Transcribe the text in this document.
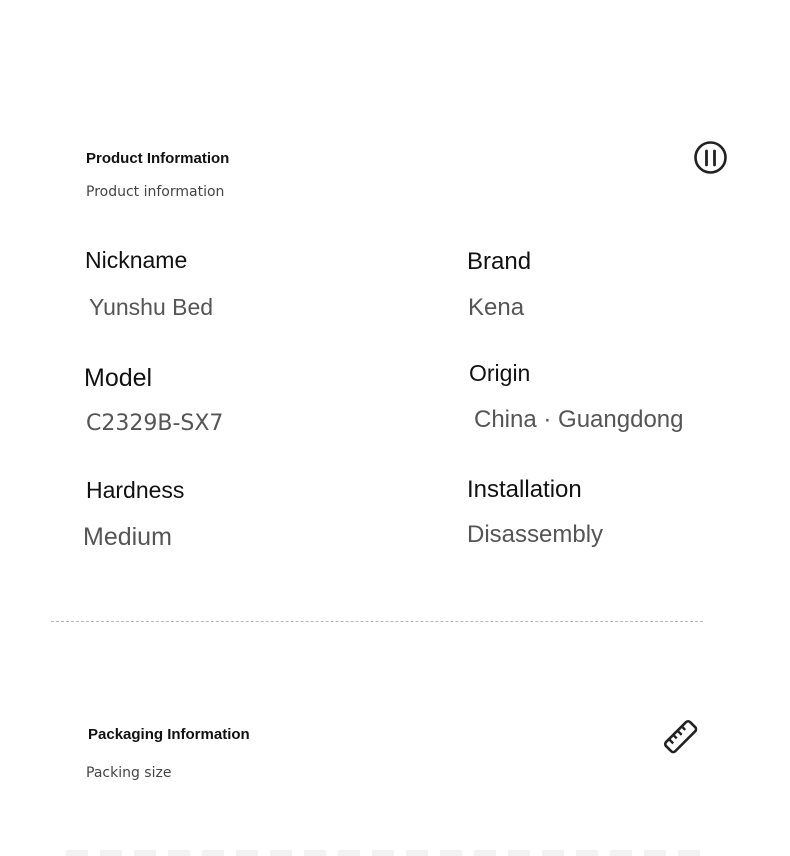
Product Information
Product information
Nickname
Yunshu Bed
Brand
Kena
Model
C2329B-SX7
Origin
China · Guangdong
Hardness
Medium
Installation
Disassembly
Packaging Information
Packing size
